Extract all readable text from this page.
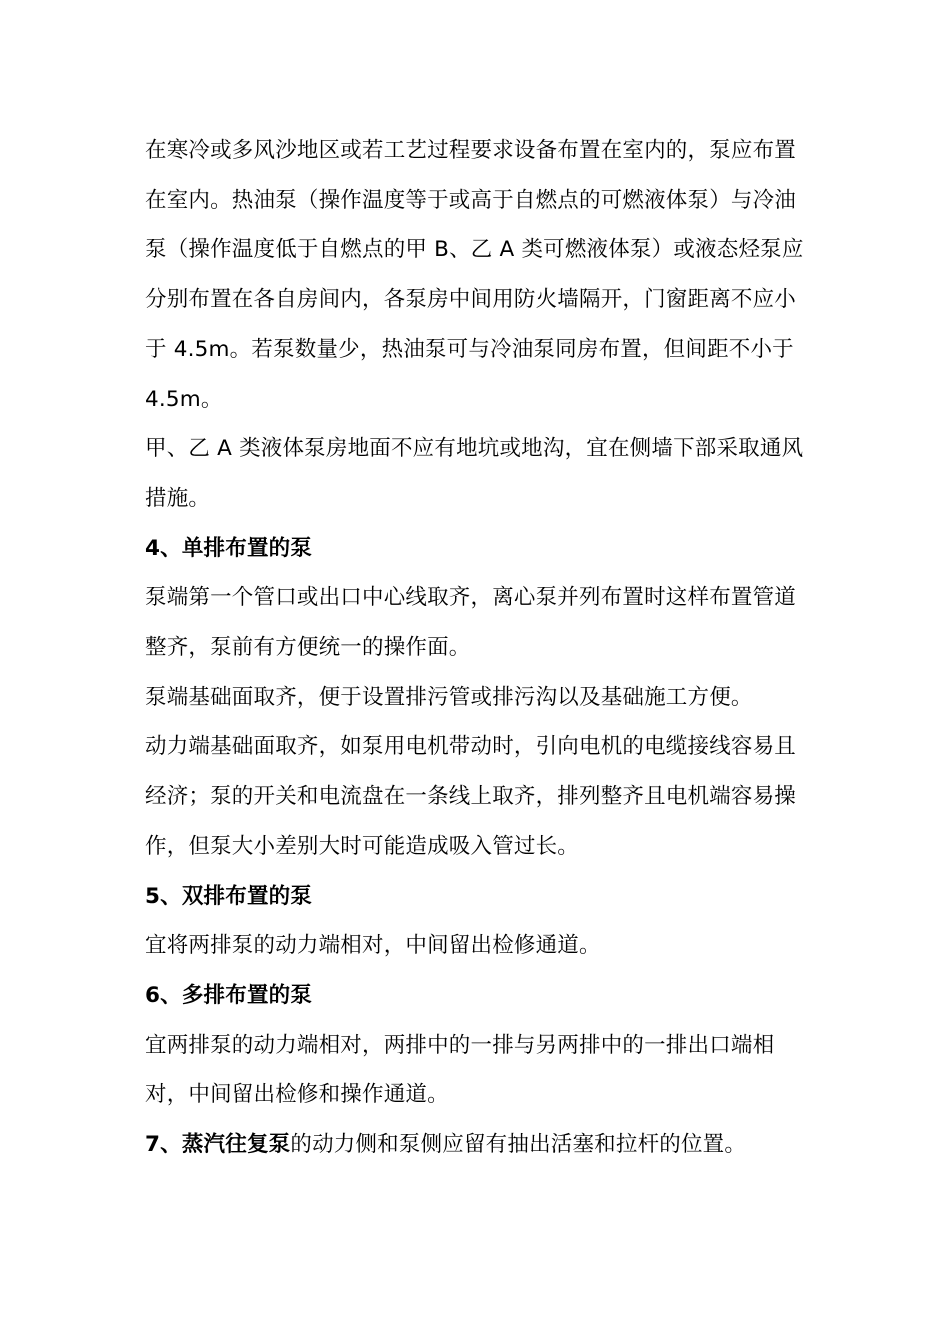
在寒冷或多风沙地区或若工艺过程要求设备布置在室内的，泵应布置在室内。热油泵（操作温度等于或高于自燃点的可燃液体泵）与冷油泵（操作温度低于自燃点的甲 B、乙 A 类可燃液体泵）或液态烃泵应分别布置在各自房间内，各泵房中间用防火墙隔开，门窗距离不应小于 4.5m。若泵数量少，热油泵可与冷油泵同房布置，但间距不小于 4.5m。

甲、乙 A 类液体泵房地面不应有地坑或地沟，宜在侧墙下部采取通风措施。

4、单排布置的泵

泵端第一个管口或出口中心线取齐，离心泵并列布置时这样布置管道整齐，泵前有方便统一的操作面。

泵端基础面取齐，便于设置排污管或排污沟以及基础施工方便。

动力端基础面取齐，如泵用电机带动时，引向电机的电缆接线容易且经济；泵的开关和电流盘在一条线上取齐，排列整齐且电机端容易操作，但泵大小差别大时可能造成吸入管过长。

5、双排布置的泵

宜将两排泵的动力端相对，中间留出检修通道。

6、多排布置的泵

宜两排泵的动力端相对，两排中的一排与另两排中的一排出口端相对，中间留出检修和操作通道。

7、蒸汽往复泵的动力侧和泵侧应留有抽出活塞和拉杆的位置。
